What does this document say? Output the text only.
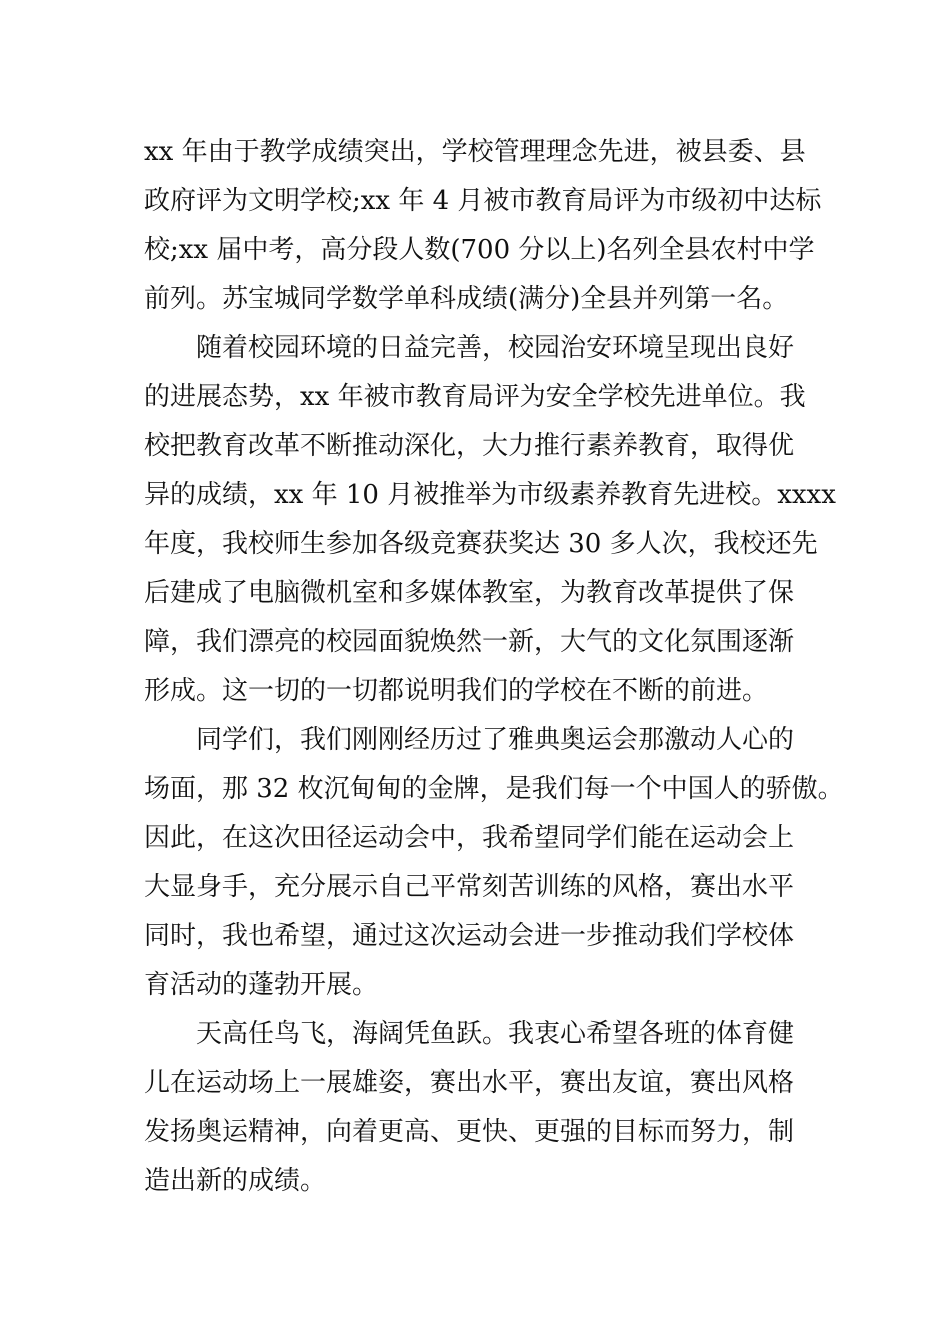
xx 年由于教学成绩突出，学校管理理念先进，被县委、县
政府评为文明学校;xx 年 4 月被市教育局评为市级初中达标
校;xx 届中考，高分段人数(700 分以上)名列全县农村中学
前列。苏宝城同学数学单科成绩(满分)全县并列第一名。
随着校园环境的日益完善，校园治安环境呈现出良好
的进展态势，xx 年被市教育局评为安全学校先进单位。我
校把教育改革不断推动深化，大力推行素养教育，取得优
异的成绩，xx 年 10 月被推举为市级素养教育先进校。xxxx
年度，我校师生参加各级竞赛获奖达 30 多人次，我校还先
后建成了电脑微机室和多媒体教室，为教育改革提供了保
障，我们漂亮的校园面貌焕然一新，大气的文化氛围逐渐
形成。这一切的一切都说明我们的学校在不断的前进。
同学们，我们刚刚经历过了雅典奥运会那激动人心的
场面，那 32 枚沉甸甸的金牌，是我们每一个中国人的骄傲。
因此，在这次田径运动会中，我希望同学们能在运动会上
大显身手，充分展示自己平常刻苦训练的风格，赛出水平
同时，我也希望，通过这次运动会进一步推动我们学校体
育活动的蓬勃开展。
天高任鸟飞，海阔凭鱼跃。我衷心希望各班的体育健
儿在运动场上一展雄姿，赛出水平，赛出友谊，赛出风格
发扬奥运精神，向着更高、更快、更强的目标而努力，制
造出新的成绩。
